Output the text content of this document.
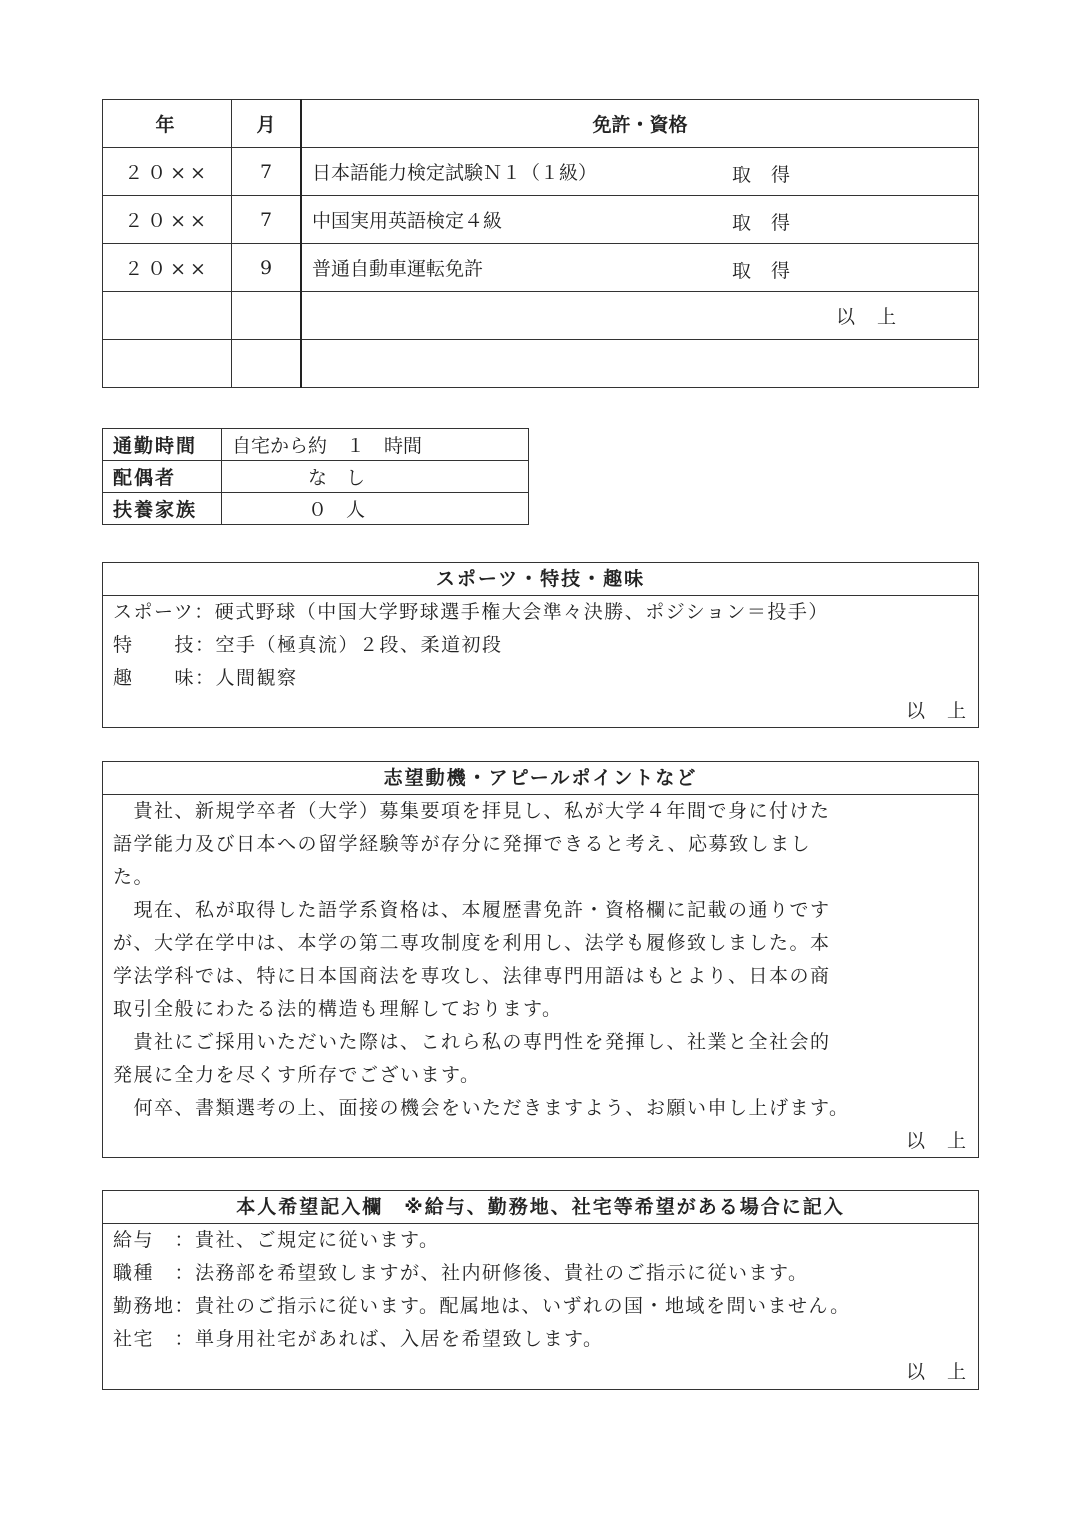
年	月	免許・資格
２０××	7	日本語能力検定試験Ｎ１（１級） 取得

２０××	7	中国実用英語検定４級 取得

２０××	9	普通自動車運転免許 取得

		以上

通勤時間	自宅から約　１　時間
配偶者	　　　　な　し
扶養家族	　　　　０　人
スポーツ・特技・趣味
スポーツ：硬式野球（中国大学野球選手権大会準々決勝、ポジション＝投手）
特　　技：空手（極真流）２段、柔道初段
趣　　味：人間観察
以上
志望動機・アピールポイントなど
　貴社、新規学卒者（大学）募集要項を拝見し、私が大学４年間で身に付けた
語学能力及び日本への留学経験等が存分に発揮できると考え、応募致しまし
た。
　現在、私が取得した語学系資格は、本履歴書免許・資格欄に記載の通りです
が、大学在学中は、本学の第二専攻制度を利用し、法学も履修致しました。本
学法学科では、特に日本国商法を専攻し、法律専門用語はもとより、日本の商
取引全般にわたる法的構造も理解しております。
　貴社にご採用いただいた際は、これら私の専門性を発揮し、社業と全社会的
発展に全力を尽くす所存でございます。
　何卒、書類選考の上、面接の機会をいただきますよう、お願い申し上げます。
以上
本人希望記入欄　※給与、勤務地、社宅等希望がある場合に記入
給与　：貴社、ご規定に従います。
職種　：法務部を希望致しますが、社内研修後、貴社のご指示に従います。
勤務地：貴社のご指示に従います。配属地は、いずれの国・地域を問いません。
社宅　：単身用社宅があれば、入居を希望致します。
以上
